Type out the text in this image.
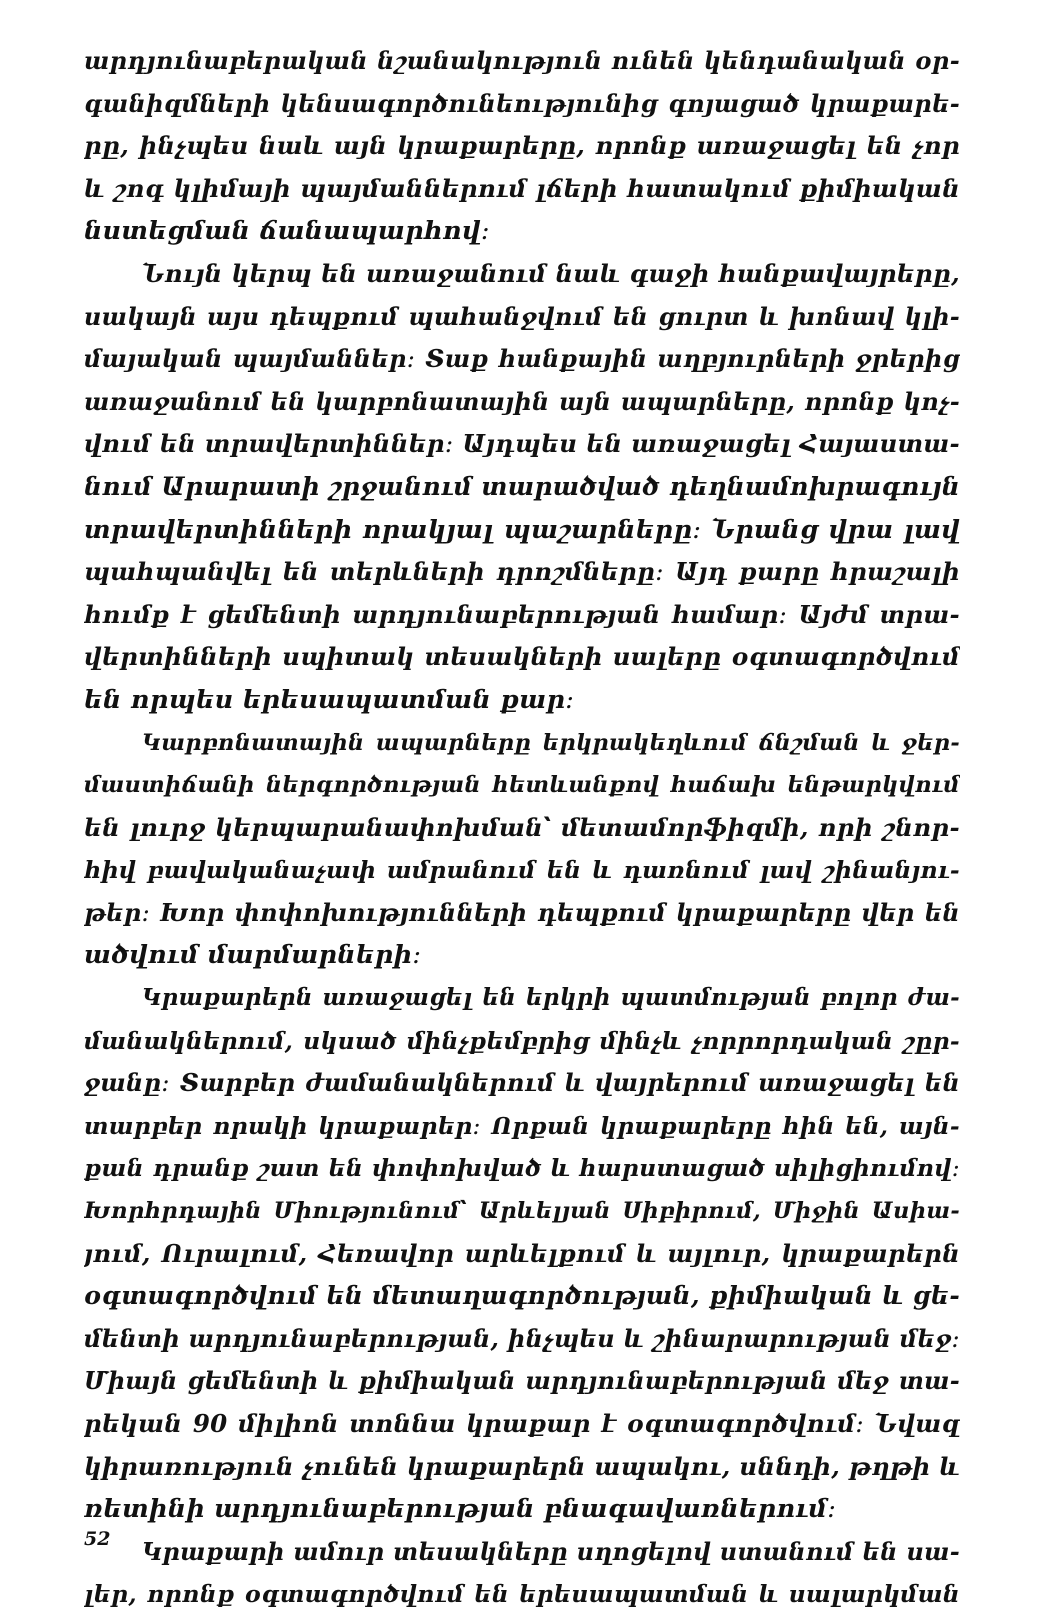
արդյունաբերական նշանակություն ունեն կենդանական օր-
գանիզմների կենսագործունեությունից գոյացած կրաքարե-
րը, ինչպես նաև այն կրաքարերը, որոնք առաջացել են չոր
և շոգ կլիմայի պայմաններում լճերի հատակում քիմիական
նստեցման ճանապարհով։
Նույն կերպ են առաջանում նաև գաջի հանքավայրերը,
սակայն այս դեպքում պահանջվում են ցուրտ և խոնավ կլի-
մայական պայմաններ։ Տաք հանքային աղբյուրների ջրերից
առաջանում են կարբոնատային այն ապարները, որոնք կոչ-
վում են տրավերտիններ։ Այդպես են առաջացել Հայաստա-
նում Արարատի շրջանում տարածված դեղնամոխրագույն
տրավերտինների որակյալ պաշարները։ Նրանց վրա լավ
պահպանվել են տերևների դրոշմները։ Այդ քարը հրաշալի
հումք է ցեմենտի արդյունաբերության համար։ Այժմ տրա-
վերտինների սպիտակ տեսակների սալերը օգտագործվում
են որպես երեսապատման քար։
Կարբոնատային ապարները երկրակեղևում ճնշման և ջեր-
մաստիճանի ներգործության հետևանքով հաճախ ենթարկվում
են լուրջ կերպարանափոխման՝ մետամորֆիզմի, որի շնոր-
հիվ բավականաչափ ամրանում են և դառնում լավ շինանյու-
թեր։ Խոր փոփոխությունների դեպքում կրաքարերը վեր են
ածվում մարմարների։
Կրաքարերն առաջացել են երկրի պատմության բոլոր ժա-
մանակներում, սկսած մինչքեմբրից մինչև չորրորդական շըր-
ջանը։ Տարբեր ժամանակներում և վայրերում առաջացել են
տարբեր որակի կրաքարեր։ Որքան կրաքարերը հին են, այն-
քան դրանք շատ են փոփոխված և հարստացած սիլիցիումով։
Խորհրդային Միությունում՝ Արևելյան Սիբիրում, Միջին Ասիա-
յում, Ուրալում, Հեռավոր արևելքում և այլուր, կրաքարերն
օգտագործվում են մետաղագործության, քիմիական և ցե-
մենտի արդյունաբերության, ինչպես և շինարարության մեջ։
Միայն ցեմենտի և քիմիական արդյունաբերության մեջ տա-
րեկան 90 միլիոն տոննա կրաքար է օգտագործվում։ Նվազ
կիրառություն չունեն կրաքարերն ապակու, սննդի, թղթի և
ռետինի արդյունաբերության բնագավառներում։
Կրաքարի ամուր տեսակները սղոցելով ստանում են սա-
լեր, որոնք օգտագործվում են երեսապատման և սալարկման
52
